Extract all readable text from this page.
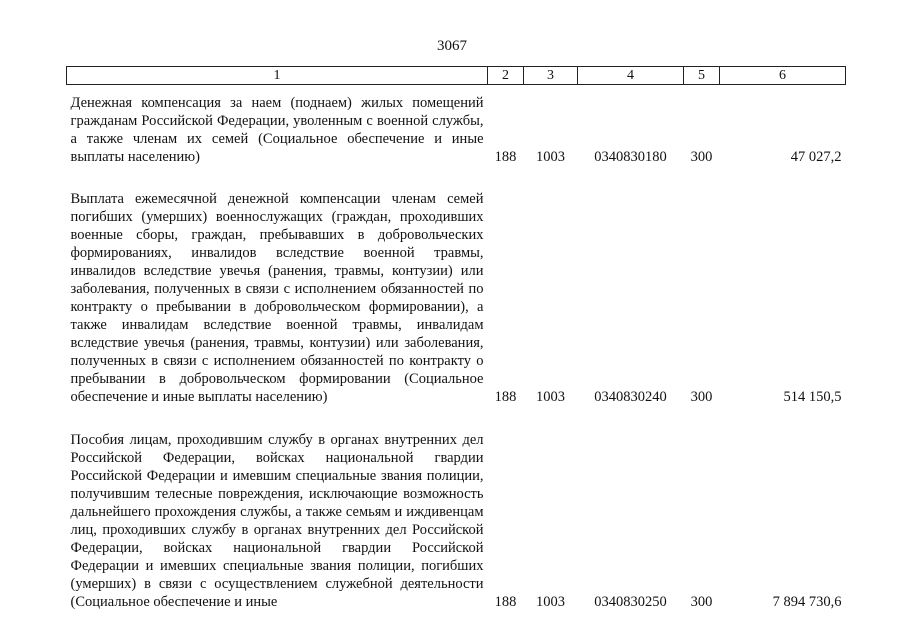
3067
1	2	3	4	5	6
Денежная компенсация за наем (поднаем) жилых помещений гражданам Российской Федерации, уволенным с военной службы, а также членам их семей (Социальное обеспечение и иные выплаты населению)	188	1003	0340830180	300	47 027,2
Выплата ежемесячной денежной компенсации членам семей погибших (умерших) военнослужащих (граждан, проходивших военные сборы, граждан, пребывавших в добровольческих формированиях, инвалидов вследствие военной травмы, инвалидов вследствие увечья (ранения, травмы, контузии) или заболевания, полученных в связи с исполнением обязанностей по контракту о пребывании в добровольческом формировании), а также инвалидам вследствие военной травмы, инвалидам вследствие увечья (ранения, травмы, контузии) или заболевания, полученных в связи с исполнением обязанностей по контракту о пребывании в добровольческом формировании (Социальное обеспечение и иные выплаты населению)	188	1003	0340830240	300	514 150,5
Пособия лицам, проходившим службу в органах внутренних дел Российской Федерации, войсках национальной гвардии Российской Федерации и имевшим специальные звания полиции, получившим телесные повреждения, исключающие возможность дальнейшего прохождения службы, а также семьям и иждивенцам лиц, проходивших службу в органах внутренних дел Российской Федерации, войсках национальной гвардии Российской Федерации и имевших специальные звания полиции, погибших (умерших) в связи с осуществлением служебной деятельности (Социальное обеспечение и иные	188	1003	0340830250	300	7 894 730,6
